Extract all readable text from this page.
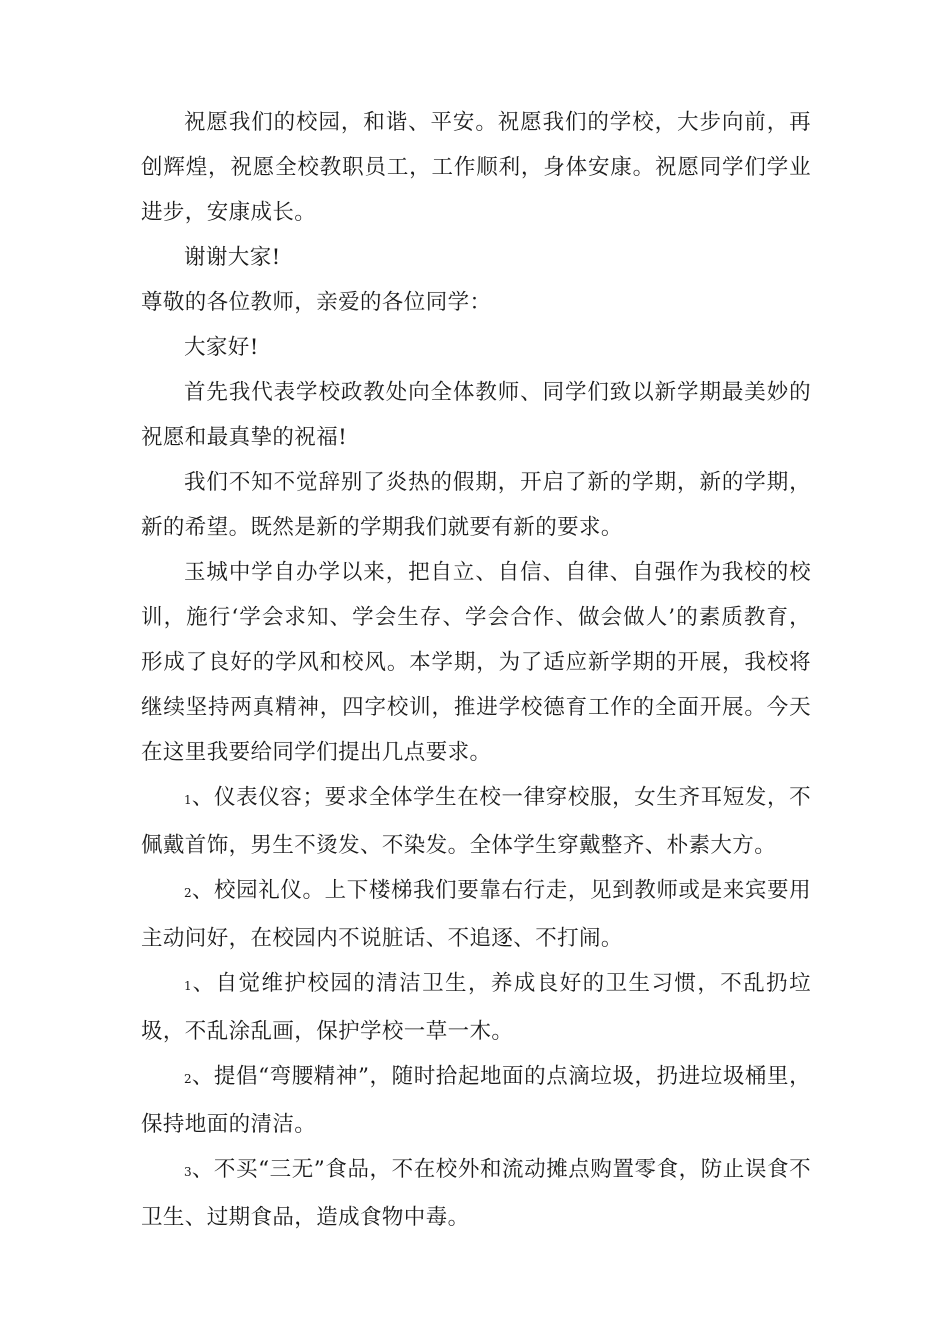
祝愿我们的校园，和谐、平安。祝愿我们的学校，大步向前，再创辉煌，祝愿全校教职员工，工作顺利，身体安康。祝愿同学们学业进步，安康成长。

谢谢大家!

尊敬的各位教师，亲爱的各位同学：

大家好!

首先我代表学校政教处向全体教师、同学们致以新学期最美妙的祝愿和最真挚的祝福!

我们不知不觉辞别了炎热的假期，开启了新的学期，新的学期，新的希望。既然是新的学期我们就要有新的要求。

玉城中学自办学以来，把自立、自信、自律、自强作为我校的校训，施行‘学会求知、学会生存、学会合作、做会做人’的素质教育，形成了良好的学风和校风。本学期，为了适应新学期的开展，我校将继续坚持两真精神，四字校训，推进学校德育工作的全面开展。今天在这里我要给同学们提出几点要求。

1、仪表仪容；要求全体学生在校一律穿校服，女生齐耳短发，不佩戴首饰，男生不烫发、不染发。全体学生穿戴整齐、朴素大方。

2、校园礼仪。上下楼梯我们要靠右行走，见到教师或是来宾要用主动问好，在校园内不说脏话、不追逐、不打闹。

1、自觉维护校园的清洁卫生，养成良好的卫生习惯，不乱扔垃圾，不乱涂乱画，保护学校一草一木。

2、提倡“弯腰精神”，随时拾起地面的点滴垃圾，扔进垃圾桶里，保持地面的清洁。

3、不买“三无”食品，不在校外和流动摊点购置零食，防止误食不卫生、过期食品，造成食物中毒。
